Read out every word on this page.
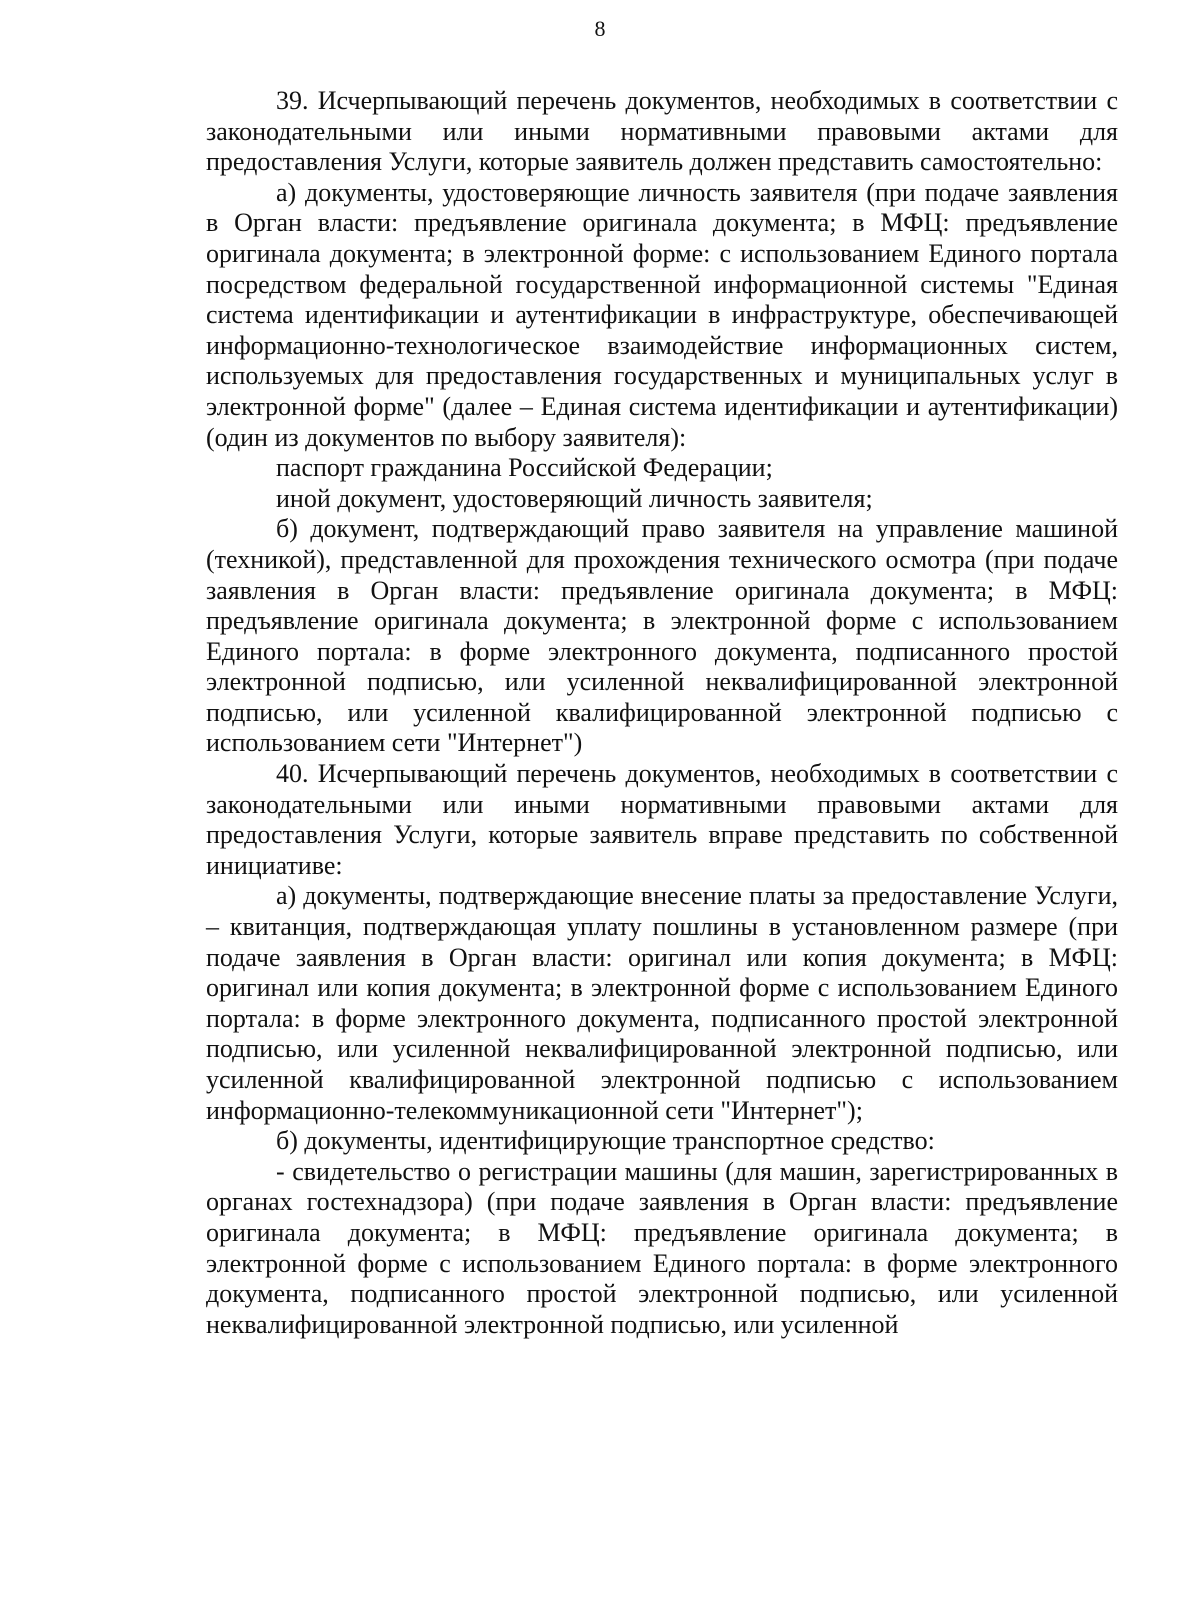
8

39. Исчерпывающий перечень документов, необходимых в соответствии с законодательными или иными нормативными правовыми актами для предоставления Услуги, которые заявитель должен представить самостоятельно:

а) документы, удостоверяющие личность заявителя (при подаче заявления в Орган власти: предъявление оригинала документа; в МФЦ: предъявление оригинала документа; в электронной форме: с использованием Единого портала посредством федеральной государственной информационной системы "Единая система идентификации и аутентификации в инфраструктуре, обеспечивающей информационно-технологическое взаимодействие информационных систем, используемых для предоставления государственных и муниципальных услуг в электронной форме" (далее – Единая система идентификации и аутентификации) (один из документов по выбору заявителя):

паспорт гражданина Российской Федерации;

иной документ, удостоверяющий личность заявителя;

б) документ, подтверждающий право заявителя на управление машиной (техникой), представленной для прохождения технического осмотра (при подаче заявления в Орган власти: предъявление оригинала документа; в МФЦ: предъявление оригинала документа; в электронной форме с использованием Единого портала: в форме электронного документа, подписанного простой электронной подписью, или усиленной неквалифицированной электронной подписью, или усиленной квалифицированной электронной подписью с использованием сети "Интернет")

40. Исчерпывающий перечень документов, необходимых в соответствии с законодательными или иными нормативными правовыми актами для предоставления Услуги, которые заявитель вправе представить по собственной инициативе:

а) документы, подтверждающие внесение платы за предоставление Услуги, – квитанция, подтверждающая уплату пошлины в установленном размере (при подаче заявления в Орган власти: оригинал или копия документа; в МФЦ: оригинал или копия документа; в электронной форме с использованием Единого портала: в форме электронного документа, подписанного простой электронной подписью, или усиленной неквалифицированной электронной подписью, или усиленной квалифицированной электронной подписью с использованием информационно-телекоммуникационной сети "Интернет");

б) документы, идентифицирующие транспортное средство:

- свидетельство о регистрации машины (для машин, зарегистрированных в органах гостехнадзора) (при подаче заявления в Орган власти: предъявление оригинала документа; в МФЦ: предъявление оригинала документа; в электронной форме с использованием Единого портала: в форме электронного документа, подписанного простой электронной подписью, или усиленной неквалифицированной электронной подписью, или усиленной
